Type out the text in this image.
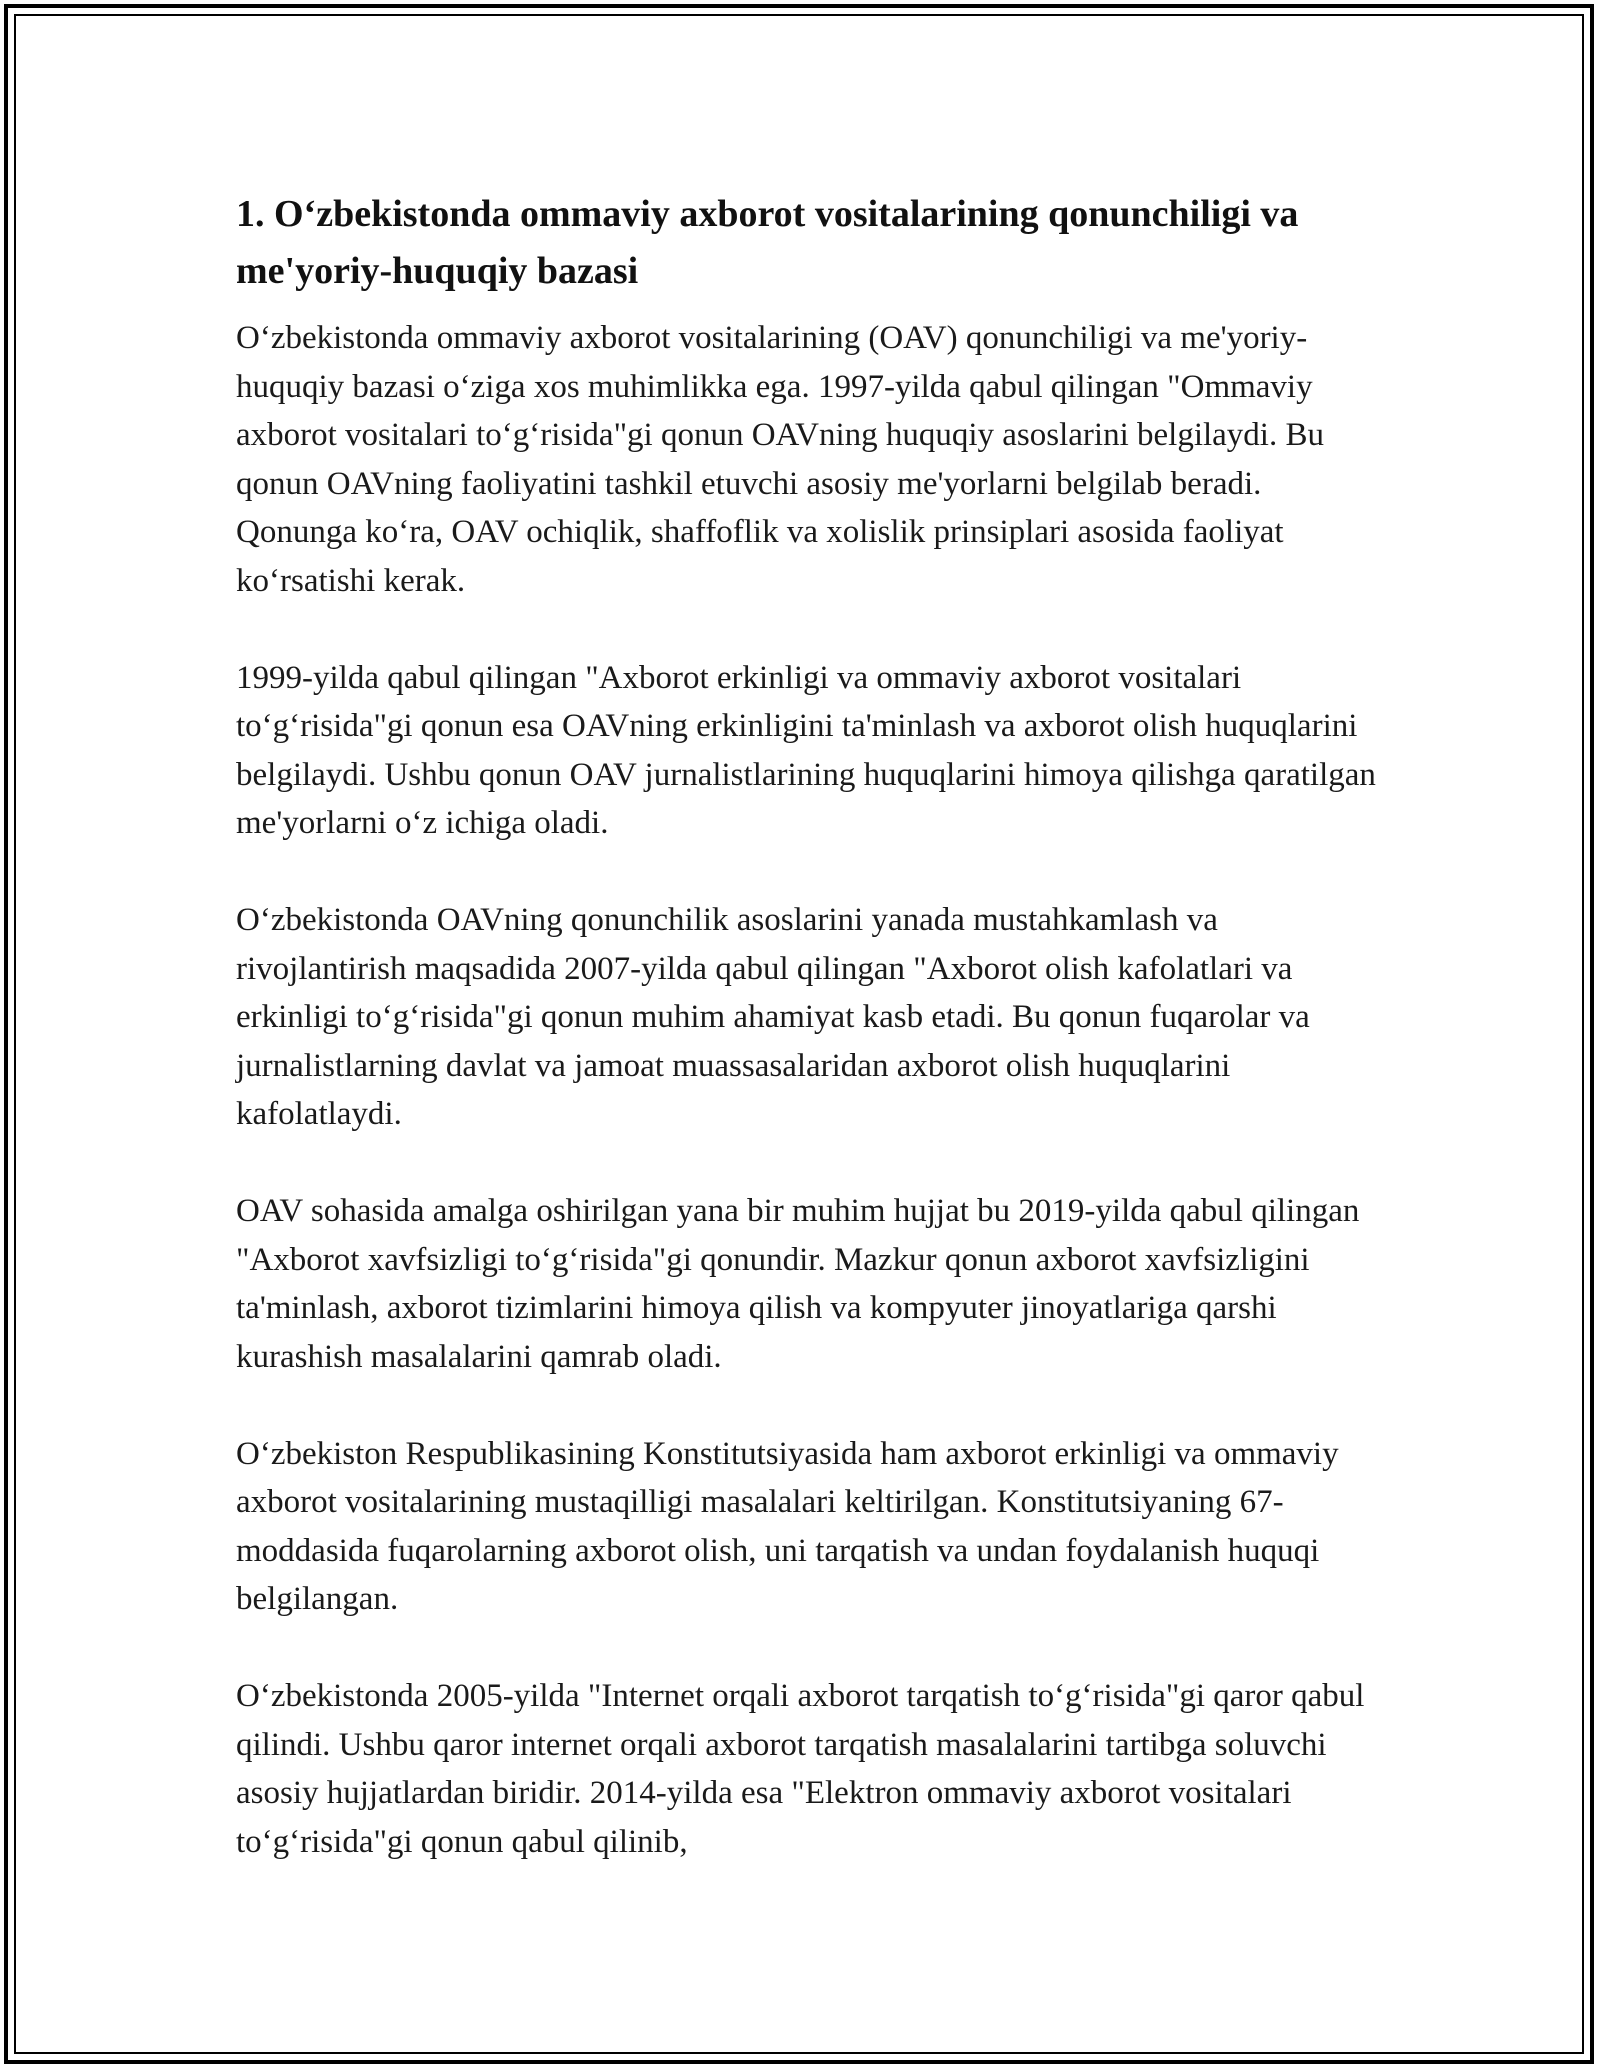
1. O‘zbekistonda ommaviy axborot vositalarining qonunchiligi va me'yoriy-huquqiy bazasi

O‘zbekistonda ommaviy axborot vositalarining (OAV) qonunchiligi va me'yoriy-huquqiy bazasi o‘ziga xos muhimlikka ega. 1997-yilda qabul qilingan "Ommaviy axborot vositalari to‘g‘risida"gi qonun OAVning huquqiy asoslarini belgilaydi. Bu qonun OAVning faoliyatini tashkil etuvchi asosiy me'yorlarni belgilab beradi. Qonunga ko‘ra, OAV ochiqlik, shaffoflik va xolislik prinsiplari asosida faoliyat ko‘rsatishi kerak.

1999-yilda qabul qilingan "Axborot erkinligi va ommaviy axborot vositalari to‘g‘risida"gi qonun esa OAVning erkinligini ta'minlash va axborot olish huquqlarini belgilaydi. Ushbu qonun OAV jurnalistlarining huquqlarini himoya qilishga qaratilgan me'yorlarni o‘z ichiga oladi.

O‘zbekistonda OAVning qonunchilik asoslarini yanada mustahkamlash va rivojlantirish maqsadida 2007-yilda qabul qilingan "Axborot olish kafolatlari va erkinligi to‘g‘risida"gi qonun muhim ahamiyat kasb etadi. Bu qonun fuqarolar va jurnalistlarning davlat va jamoat muassasalaridan axborot olish huquqlarini kafolatlaydi.

OAV sohasida amalga oshirilgan yana bir muhim hujjat bu 2019-yilda qabul qilingan "Axborot xavfsizligi to‘g‘risida"gi qonundir. Mazkur qonun axborot xavfsizligini ta'minlash, axborot tizimlarini himoya qilish va kompyuter jinoyatlariga qarshi kurashish masalalarini qamrab oladi.

O‘zbekiston Respublikasining Konstitutsiyasida ham axborot erkinligi va ommaviy axborot vositalarining mustaqilligi masalalari keltirilgan. Konstitutsiyaning 67-moddasida fuqarolarning axborot olish, uni tarqatish va undan foydalanish huquqi belgilangan.

O‘zbekistonda 2005-yilda "Internet orqali axborot tarqatish to‘g‘risida"gi qaror qabul qilindi. Ushbu qaror internet orqali axborot tarqatish masalalarini tartibga soluvchi asosiy hujjatlardan biridir. 2014-yilda esa "Elektron ommaviy axborot vositalari to‘g‘risida"gi qonun qabul qilinib,
